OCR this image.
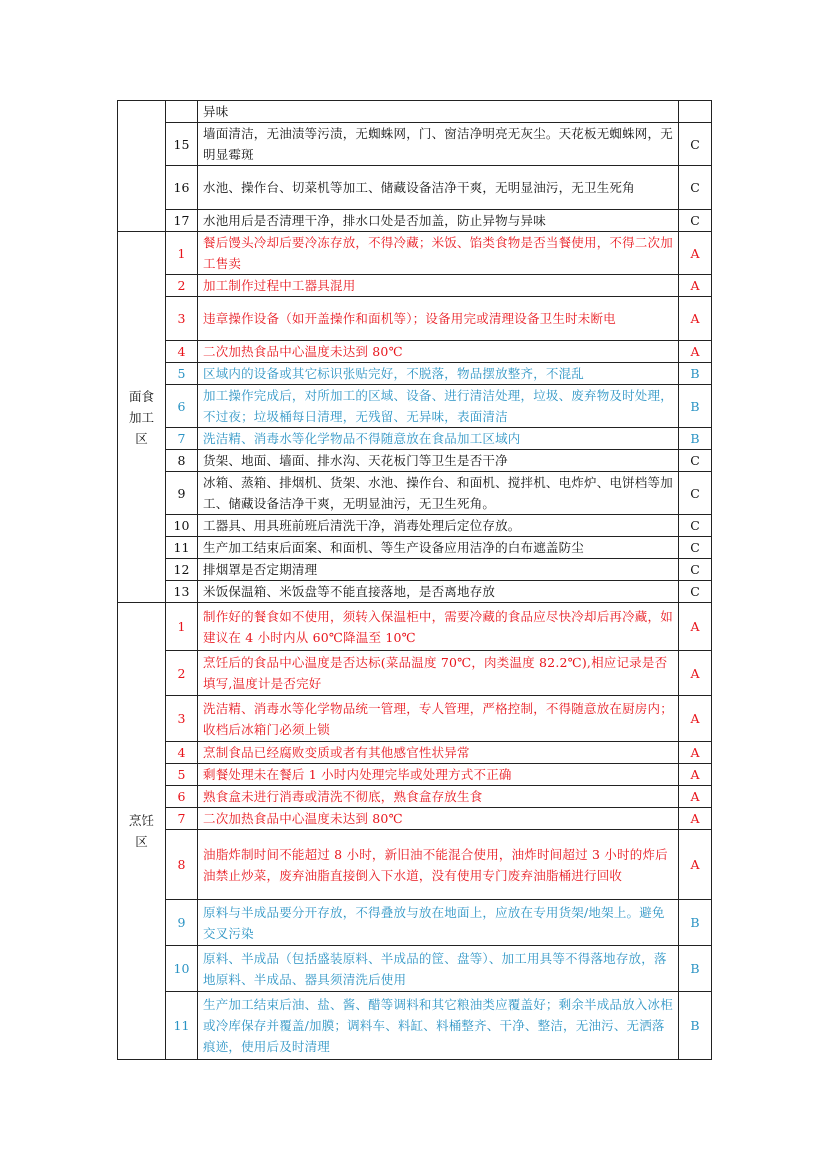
		异味	
	15	墙面清洁，无油渍等污渍，无蜘蛛网，门、窗洁净明亮无灰尘。天花板无蜘蛛网，无明显霉斑	C
	16	水池、操作台、切菜机等加工、储藏设备洁净干爽，无明显油污，无卫生死角	C
	17	水池用后是否清理干净，排水口处是否加盖，防止异物与异味	C
面食加工区	1	餐后馒头冷却后要冷冻存放，不得冷藏；米饭、馅类食物是否当餐使用，不得二次加工售卖	A
	2	加工制作过程中工器具混用	A
	3	违章操作设备（如开盖操作和面机等）；设备用完或清理设备卫生时未断电	A
	4	二次加热食品中心温度未达到 80℃	A
	5	区域内的设备或其它标识张贴完好，不脱落，物品摆放整齐，不混乱	B
	6	加工操作完成后，对所加工的区域、设备、进行清洁处理，垃圾、废弃物及时处理，不过夜；垃圾桶每日清理，无残留、无异味，表面清洁	B
	7	洗洁精、消毒水等化学物品不得随意放在食品加工区域内	B
	8	货架、地面、墙面、排水沟、天花板门等卫生是否干净	C
	9	冰箱、蒸箱、排烟机、货架、水池、操作台、和面机、搅拌机、电炸炉、电饼档等加工、储藏设备洁净干爽，无明显油污，无卫生死角。	C
	10	工器具、用具班前班后清洗干净，消毒处理后定位存放。	C
	11	生产加工结束后面案、和面机、等生产设备应用洁净的白布遮盖防尘	C
	12	排烟罩是否定期清理	C
	13	米饭保温箱、米饭盘等不能直接落地，是否离地存放	C
烹饪区	1	制作好的餐食如不使用，须转入保温柜中，需要冷藏的食品应尽快冷却后再冷藏，如建议在 4 小时内从 60℃降温至 10℃	A
	2	烹饪后的食品中心温度是否达标(菜品温度 70℃，肉类温度 82.2℃),相应记录是否填写,温度计是否完好	A
	3	洗洁精、消毒水等化学物品统一管理，专人管理，严格控制，不得随意放在厨房内；收档后冰箱门必须上锁	A
	4	烹制食品已经腐败变质或者有其他感官性状异常	A
	5	剩餐处理未在餐后 1 小时内处理完毕或处理方式不正确	A
	6	熟食盒未进行消毒或清洗不彻底，熟食盒存放生食	A
	7	二次加热食品中心温度未达到 80℃	A
	8	油脂炸制时间不能超过 8 小时，新旧油不能混合使用，油炸时间超过 3 小时的炸后油禁止炒菜，废弃油脂直接倒入下水道，没有使用专门废弃油脂桶进行回收	A
	9	原料与半成品要分开存放，不得叠放与放在地面上，应放在专用货架/地架上。避免交叉污染	B
	10	原料、半成品（包括盛装原料、半成品的筐、盘等）、加工用具等不得落地存放，落地原料、半成品、器具须清洗后使用	B
	11	生产加工结束后油、盐、酱、醋等调料和其它粮油类应覆盖好；剩余半成品放入冰柜或冷库保存并覆盖/加膜；调料车、料缸、料桶整齐、干净、整洁，无油污、无洒落痕迹，使用后及时清理	B
